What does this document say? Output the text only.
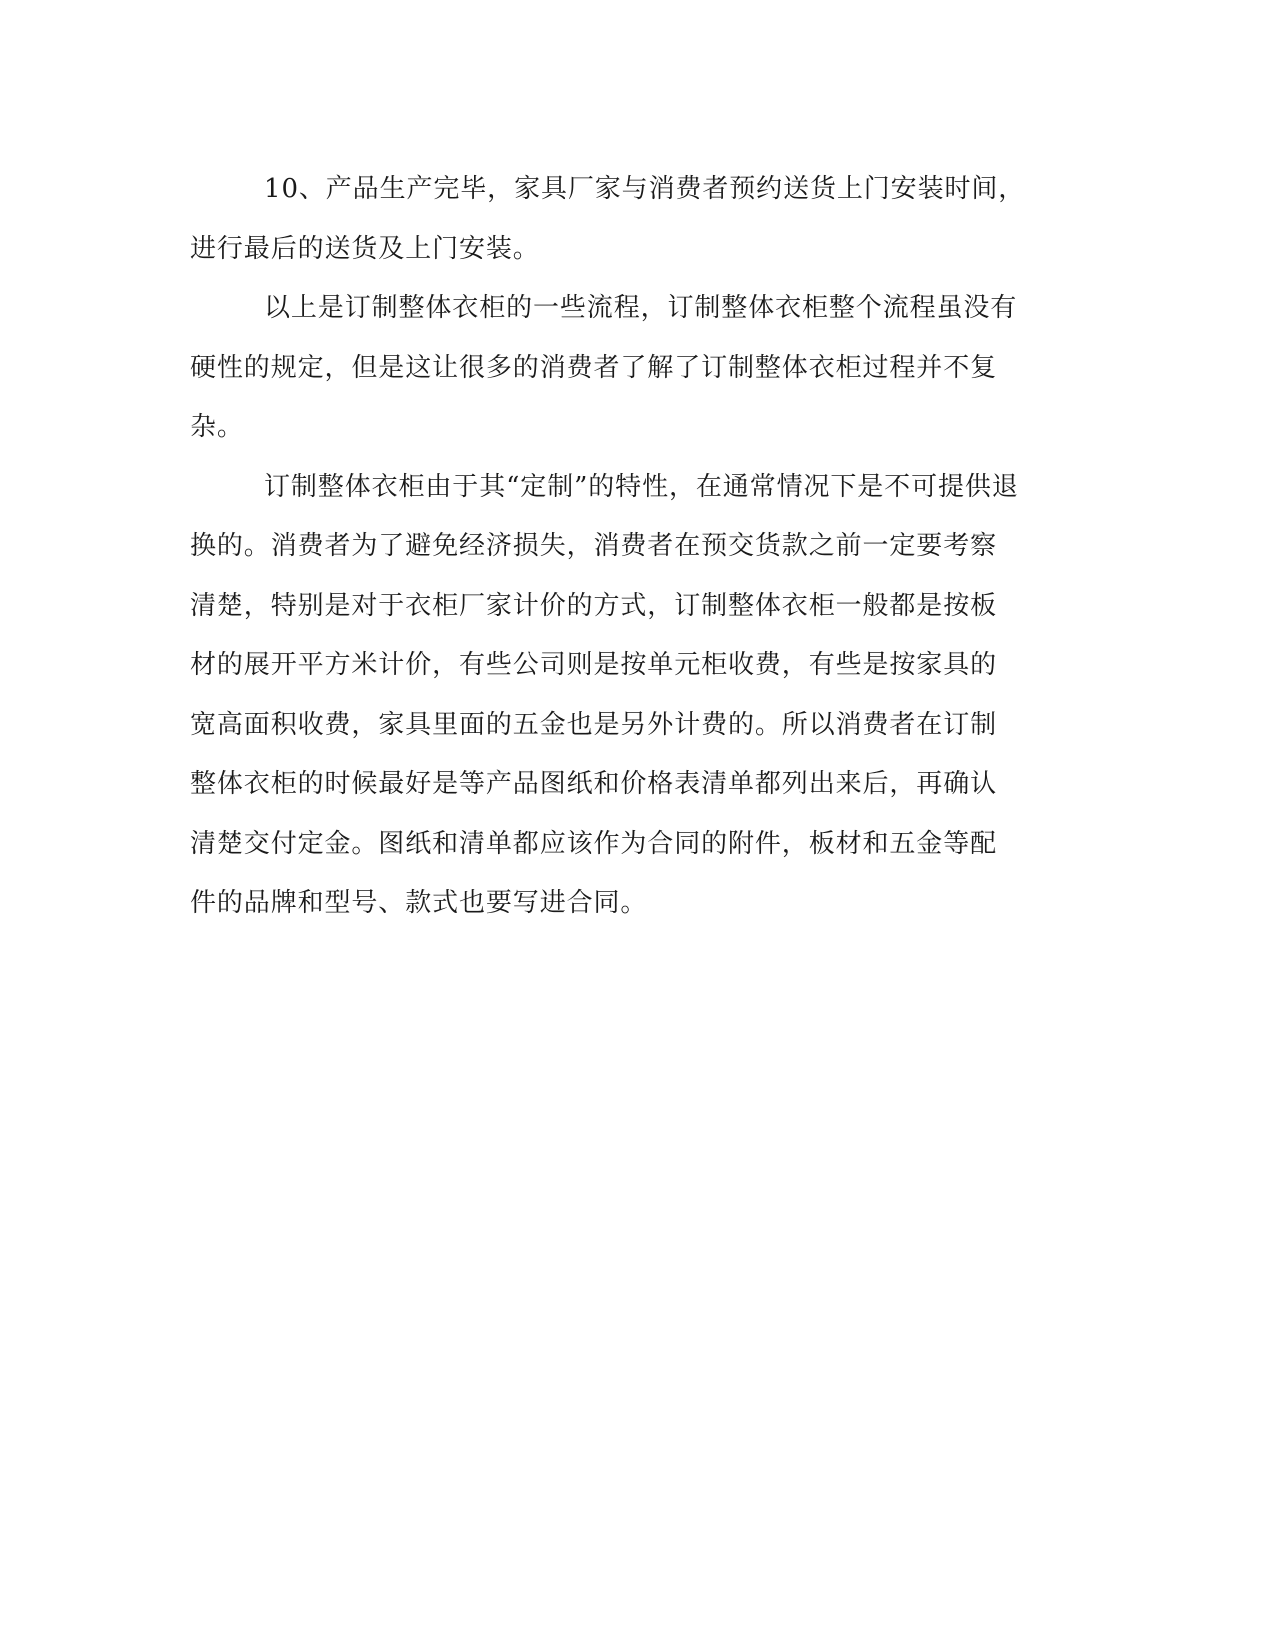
10、产品生产完毕，家具厂家与消费者预约送货上门安装时间，
进行最后的送货及上门安装。
以上是订制整体衣柜的一些流程，订制整体衣柜整个流程虽没有
硬性的规定，但是这让很多的消费者了解了订制整体衣柜过程并不复
杂。
订制整体衣柜由于其“定制”的特性，在通常情况下是不可提供退
换的。消费者为了避免经济损失，消费者在预交货款之前一定要考察
清楚，特别是对于衣柜厂家计价的方式，订制整体衣柜一般都是按板
材的展开平方米计价，有些公司则是按单元柜收费，有些是按家具的
宽高面积收费，家具里面的五金也是另外计费的。所以消费者在订制
整体衣柜的时候最好是等产品图纸和价格表清单都列出来后，再确认
清楚交付定金。图纸和清单都应该作为合同的附件，板材和五金等配
件的品牌和型号、款式也要写进合同。
